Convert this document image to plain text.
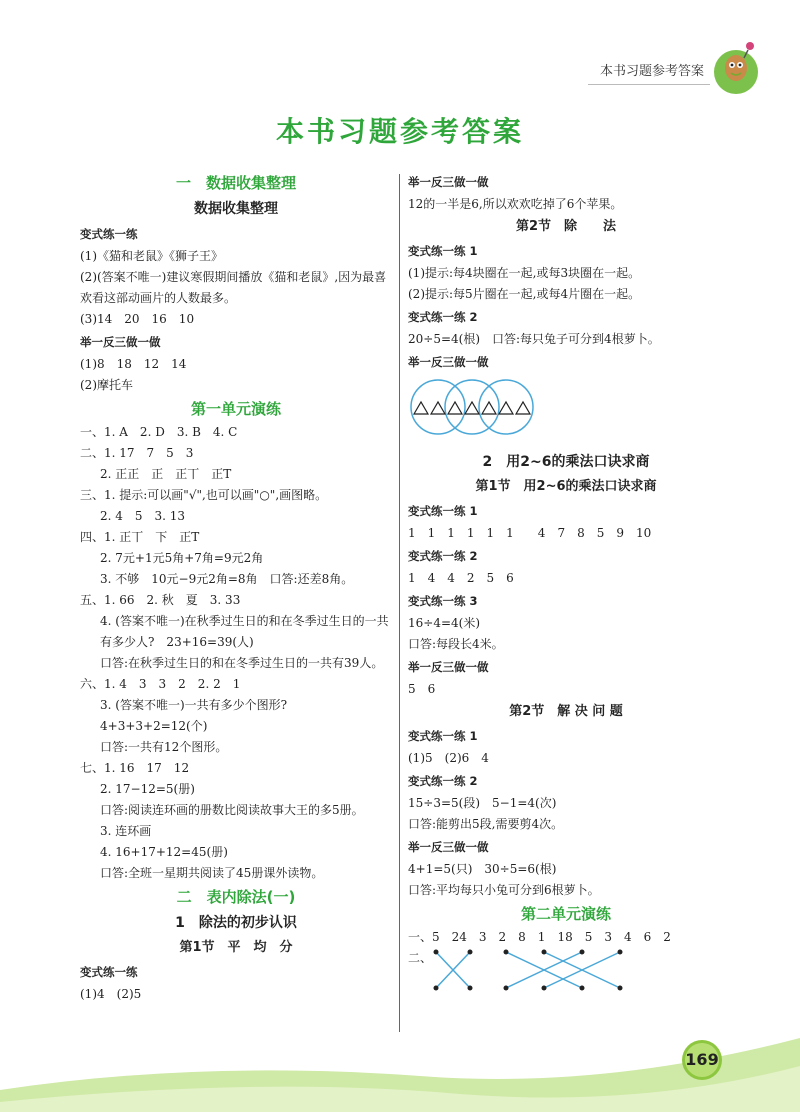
本书习题参考答案
本书习题参考答案
一　数据收集整理
数据收集整理
变式练一练
(1)《猫和老鼠》《狮子王》
(2)(答案不唯一)建议寒假期间播放《猫和老鼠》,因为最喜欢看这部动画片的人数最多。
(3)14　20　16　10
举一反三做一做
(1)8　18　12　14
(2)摩托车
第一单元演练
一、1. A　2. D　3. B　4. C
二、1. 17　7　5　3
2. 正正　正　正丅　正T
三、1. 提示:可以画"√",也可以画"○",画图略。
2. 4　5　3. 13
四、1. 正丅　下　正T
2. 7元+1元5角+7角=9元2角
3. 不够　10元−9元2角=8角　口答:还差8角。
五、1. 66　2. 秋　夏　3. 33
4. (答案不唯一)在秋季过生日的和在冬季过生日的一共有多少人?　23+16=39(人)
口答:在秋季过生日的和在冬季过生日的一共有39人。
六、1. 4　3　3　2　2. 2　1
3. (答案不唯一)一共有多少个图形?
4+3+3+2=12(个)
口答:一共有12个图形。
七、1. 16　17　12
2. 17−12=5(册)
口答:阅读连环画的册数比阅读故事大王的多5册。
3. 连环画
4. 16+17+12=45(册)
口答:全班一星期共阅读了45册课外读物。
二　表内除法(一)
1　除法的初步认识
第1节　平　均　分
变式练一练
(1)4　(2)5
举一反三做一做
12的一半是6,所以欢欢吃掉了6个苹果。
第2节　除　　法
变式练一练 1
(1)提示:每4块圈在一起,或每3块圈在一起。
(2)提示:每5片圈在一起,或每4片圈在一起。
变式练一练 2
20÷5=4(根)　口答:每只兔子可分到4根萝卜。
举一反三做一做
2　用2~6的乘法口诀求商
第1节　用2~6的乘法口诀求商
变式练一练 1
1　1　1　1　1　1　　4　7　8　5　9　10
变式练一练 2
1　4　4　2　5　6
变式练一练 3
16÷4=4(米)
口答:每段长4米。
举一反三做一做
5　6
第2节　解 决 问 题
变式练一练 1
(1)5　(2)6　4
变式练一练 2
15÷3=5(段)　5−1=4(次)
口答:能剪出5段,需要剪4次。
举一反三做一做
4+1=5(只)　30÷5=6(根)
口答:平均每只小兔可分到6根萝卜。
第二单元演练
一、5　24　3　2　8　1　18　5　3　4　6　2
二、
169
